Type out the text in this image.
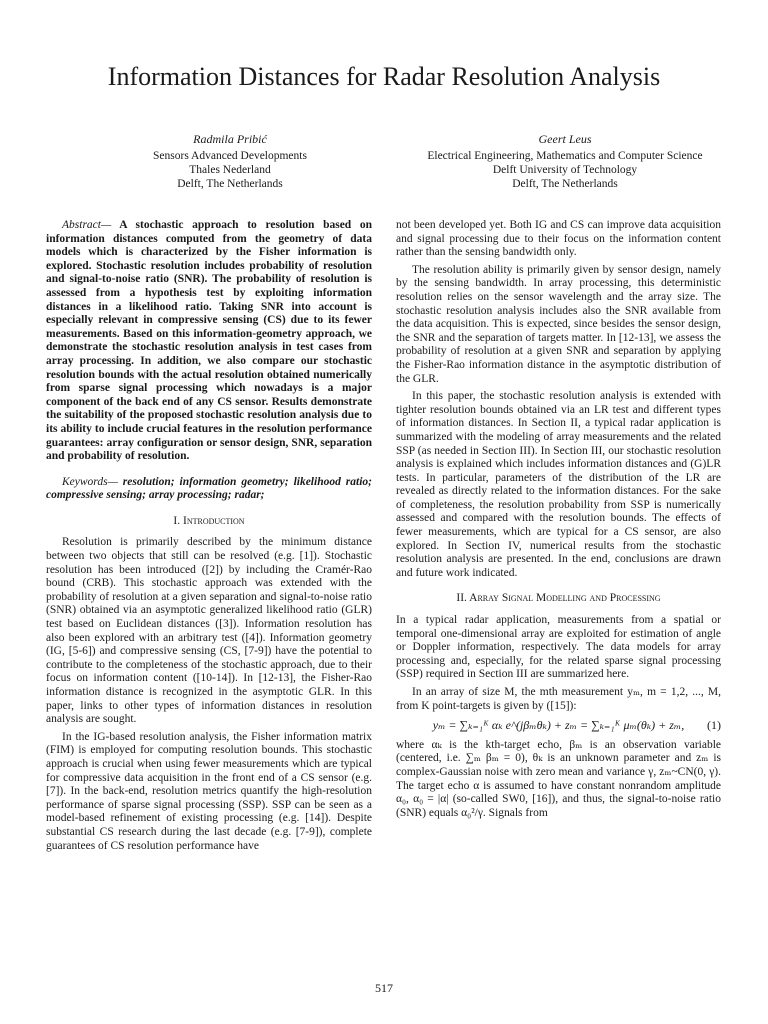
Information Distances for Radar Resolution Analysis
Radmila Pribić
Sensors Advanced Developments
Thales Nederland
Delft, The Netherlands
Geert Leus
Electrical Engineering, Mathematics and Computer Science
Delft University of Technology
Delft, The Netherlands

Abstract— A stochastic approach to resolution based on information distances computed from the geometry of data models which is characterized by the Fisher information is explored. Stochastic resolution includes probability of resolution and signal-to-noise ratio (SNR). The probability of resolution is assessed from a hypothesis test by exploiting information distances in a likelihood ratio. Taking SNR into account is especially relevant in compressive sensing (CS) due to its fewer measurements. Based on this information-geometry approach, we demonstrate the stochastic resolution analysis in test cases from array processing. In addition, we also compare our stochastic resolution bounds with the actual resolution obtained numerically from sparse signal processing which nowadays is a major component of the back end of any CS sensor. Results demonstrate the suitability of the proposed stochastic resolution analysis due to its ability to include crucial features in the resolution performance guarantees: array configuration or sensor design, SNR, separation and probability of resolution.

Keywords— resolution; information geometry; likelihood ratio; compressive sensing; array processing; radar;

I. Introduction

Resolution is primarily described by the minimum distance between two objects that still can be resolved (e.g. [1]). Stochastic resolution has been introduced ([2]) by including the Cramér-Rao bound (CRB). This stochastic approach was extended with the probability of resolution at a given separation and signal-to-noise ratio (SNR) obtained via an asymptotic generalized likelihood ratio (GLR) test based on Euclidean distances ([3]). Information resolution has also been explored with an arbitrary test ([4]). Information geometry (IG, [5-6]) and compressive sensing (CS, [7-9]) have the potential to contribute to the completeness of the stochastic approach, due to their focus on information content ([10-14]). In [12-13], the Fisher-Rao information distance is recognized in the asymptotic GLR. In this paper, links to other types of information distances in resolution analysis are sought.

In the IG-based resolution analysis, the Fisher information matrix (FIM) is employed for computing resolution bounds. This stochastic approach is crucial when using fewer measurements which are typical for compressive data acquisition in the front end of a CS sensor (e.g. [7]). In the back-end, resolution metrics quantify the high-resolution performance of sparse signal processing (SSP). SSP can be seen as a model-based refinement of existing processing (e.g. [14]). Despite substantial CS research during the last decade (e.g. [7-9]), complete guarantees of CS resolution performance have

not been developed yet. Both IG and CS can improve data acquisition and signal processing due to their focus on the information content rather than the sensing bandwidth only.

The resolution ability is primarily given by sensor design, namely by the sensing bandwidth. In array processing, this deterministic resolution relies on the sensor wavelength and the array size. The stochastic resolution analysis includes also the SNR available from the data acquisition. This is expected, since besides the sensor design, the SNR and the separation of targets matter. In [12-13], we assess the probability of resolution at a given SNR and separation by applying the Fisher-Rao information distance in the asymptotic distribution of the GLR.

In this paper, the stochastic resolution analysis is extended with tighter resolution bounds obtained via an LR test and different types of information distances. In Section II, a typical radar application is summarized with the modeling of array measurements and the related SSP (as needed in Section III). In Section III, our stochastic resolution analysis is explained which includes information distances and (G)LR tests. In particular, parameters of the distribution of the LR are revealed as directly related to the information distances. For the sake of completeness, the resolution probability from SSP is numerically assessed and compared with the resolution bounds. The effects of fewer measurements, which are typical for a CS sensor, are also explored. In Section IV, numerical results from the stochastic resolution analysis are presented. In the end, conclusions are drawn and future work indicated.

II. Array Signal Modelling and Processing

In a typical radar application, measurements from a spatial or temporal one-dimensional array are exploited for estimation of angle or Doppler information, respectively. The data models for array processing and, especially, for the related sparse signal processing (SSP) required in Section III are summarized here.

In an array of size M, the mth measurement yₘ, m = 1,2, ..., M, from K point-targets is given by ([15]):

yₘ = ∑ₖ₌₁ᴷ αₖ e^(jβₘθₖ) + zₘ = ∑ₖ₌₁ᴷ μₘ(θₖ) + zₘ, (1)

where αₖ is the kth-target echo, βₘ is an observation variable (centered, i.e. ∑ₘ βₘ = 0), θₖ is an unknown parameter and zₘ is complex-Gaussian noise with zero mean and variance γ, zₘ~CN(0, γ). The target echo α is assumed to have constant nonrandom amplitude α₀, α₀ = |α| (so-called SW0, [16]), and thus, the signal-to-noise ratio (SNR) equals α₀²/γ. Signals from

517
